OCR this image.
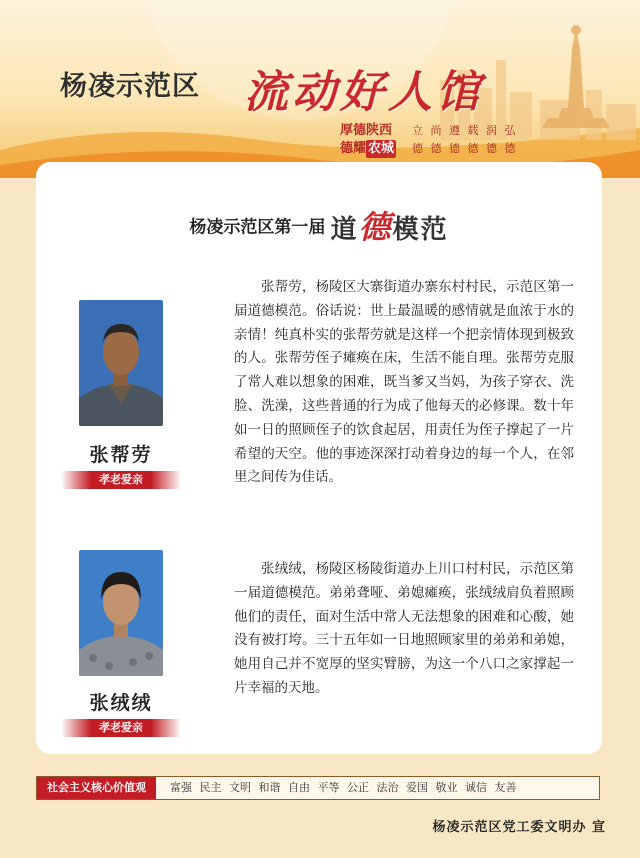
杨凌示范区 流动好人馆
厚德陕西
德耀 农城
立 尚 遵 载 润 弘
德 德 德 德 德 德
杨凌示范区第一届 道德模范
张帮劳
孝老爱亲
张帮劳，杨陵区大寨街道办寨东村村民，示范区第一届道德模范。俗话说：世上最温暖的感情就是血浓于水的亲情！纯真朴实的张帮劳就是这样一个把亲情体现到极致的人。张帮劳侄子瘫痪在床，生活不能自理。张帮劳克服了常人难以想象的困难，既当爹又当妈，为孩子穿衣、洗脸、洗澡，这些普通的行为成了他每天的必修课。数十年如一日的照顾侄子的饮食起居，用责任为侄子撑起了一片希望的天空。他的事迹深深打动着身边的每一个人，在邻里之间传为佳话。
张绒绒
孝老爱亲
张绒绒，杨陵区杨陵街道办上川口村村民，示范区第一届道德模范。弟弟聋哑、弟媳瘫痪，张绒绒肩负着照顾他们的责任，面对生活中常人无法想象的困难和心酸，她没有被打垮。三十五年如一日地照顾家里的弟弟和弟媳，她用自己并不宽厚的坚实臂膀，为这一个八口之家撑起一片幸福的天地。
社会主义核心价值观	富强 民主 文明 和谐 自由 平等 公正 法治 爱国 敬业 诚信 友善
杨凌示范区党工委文明办 宣
